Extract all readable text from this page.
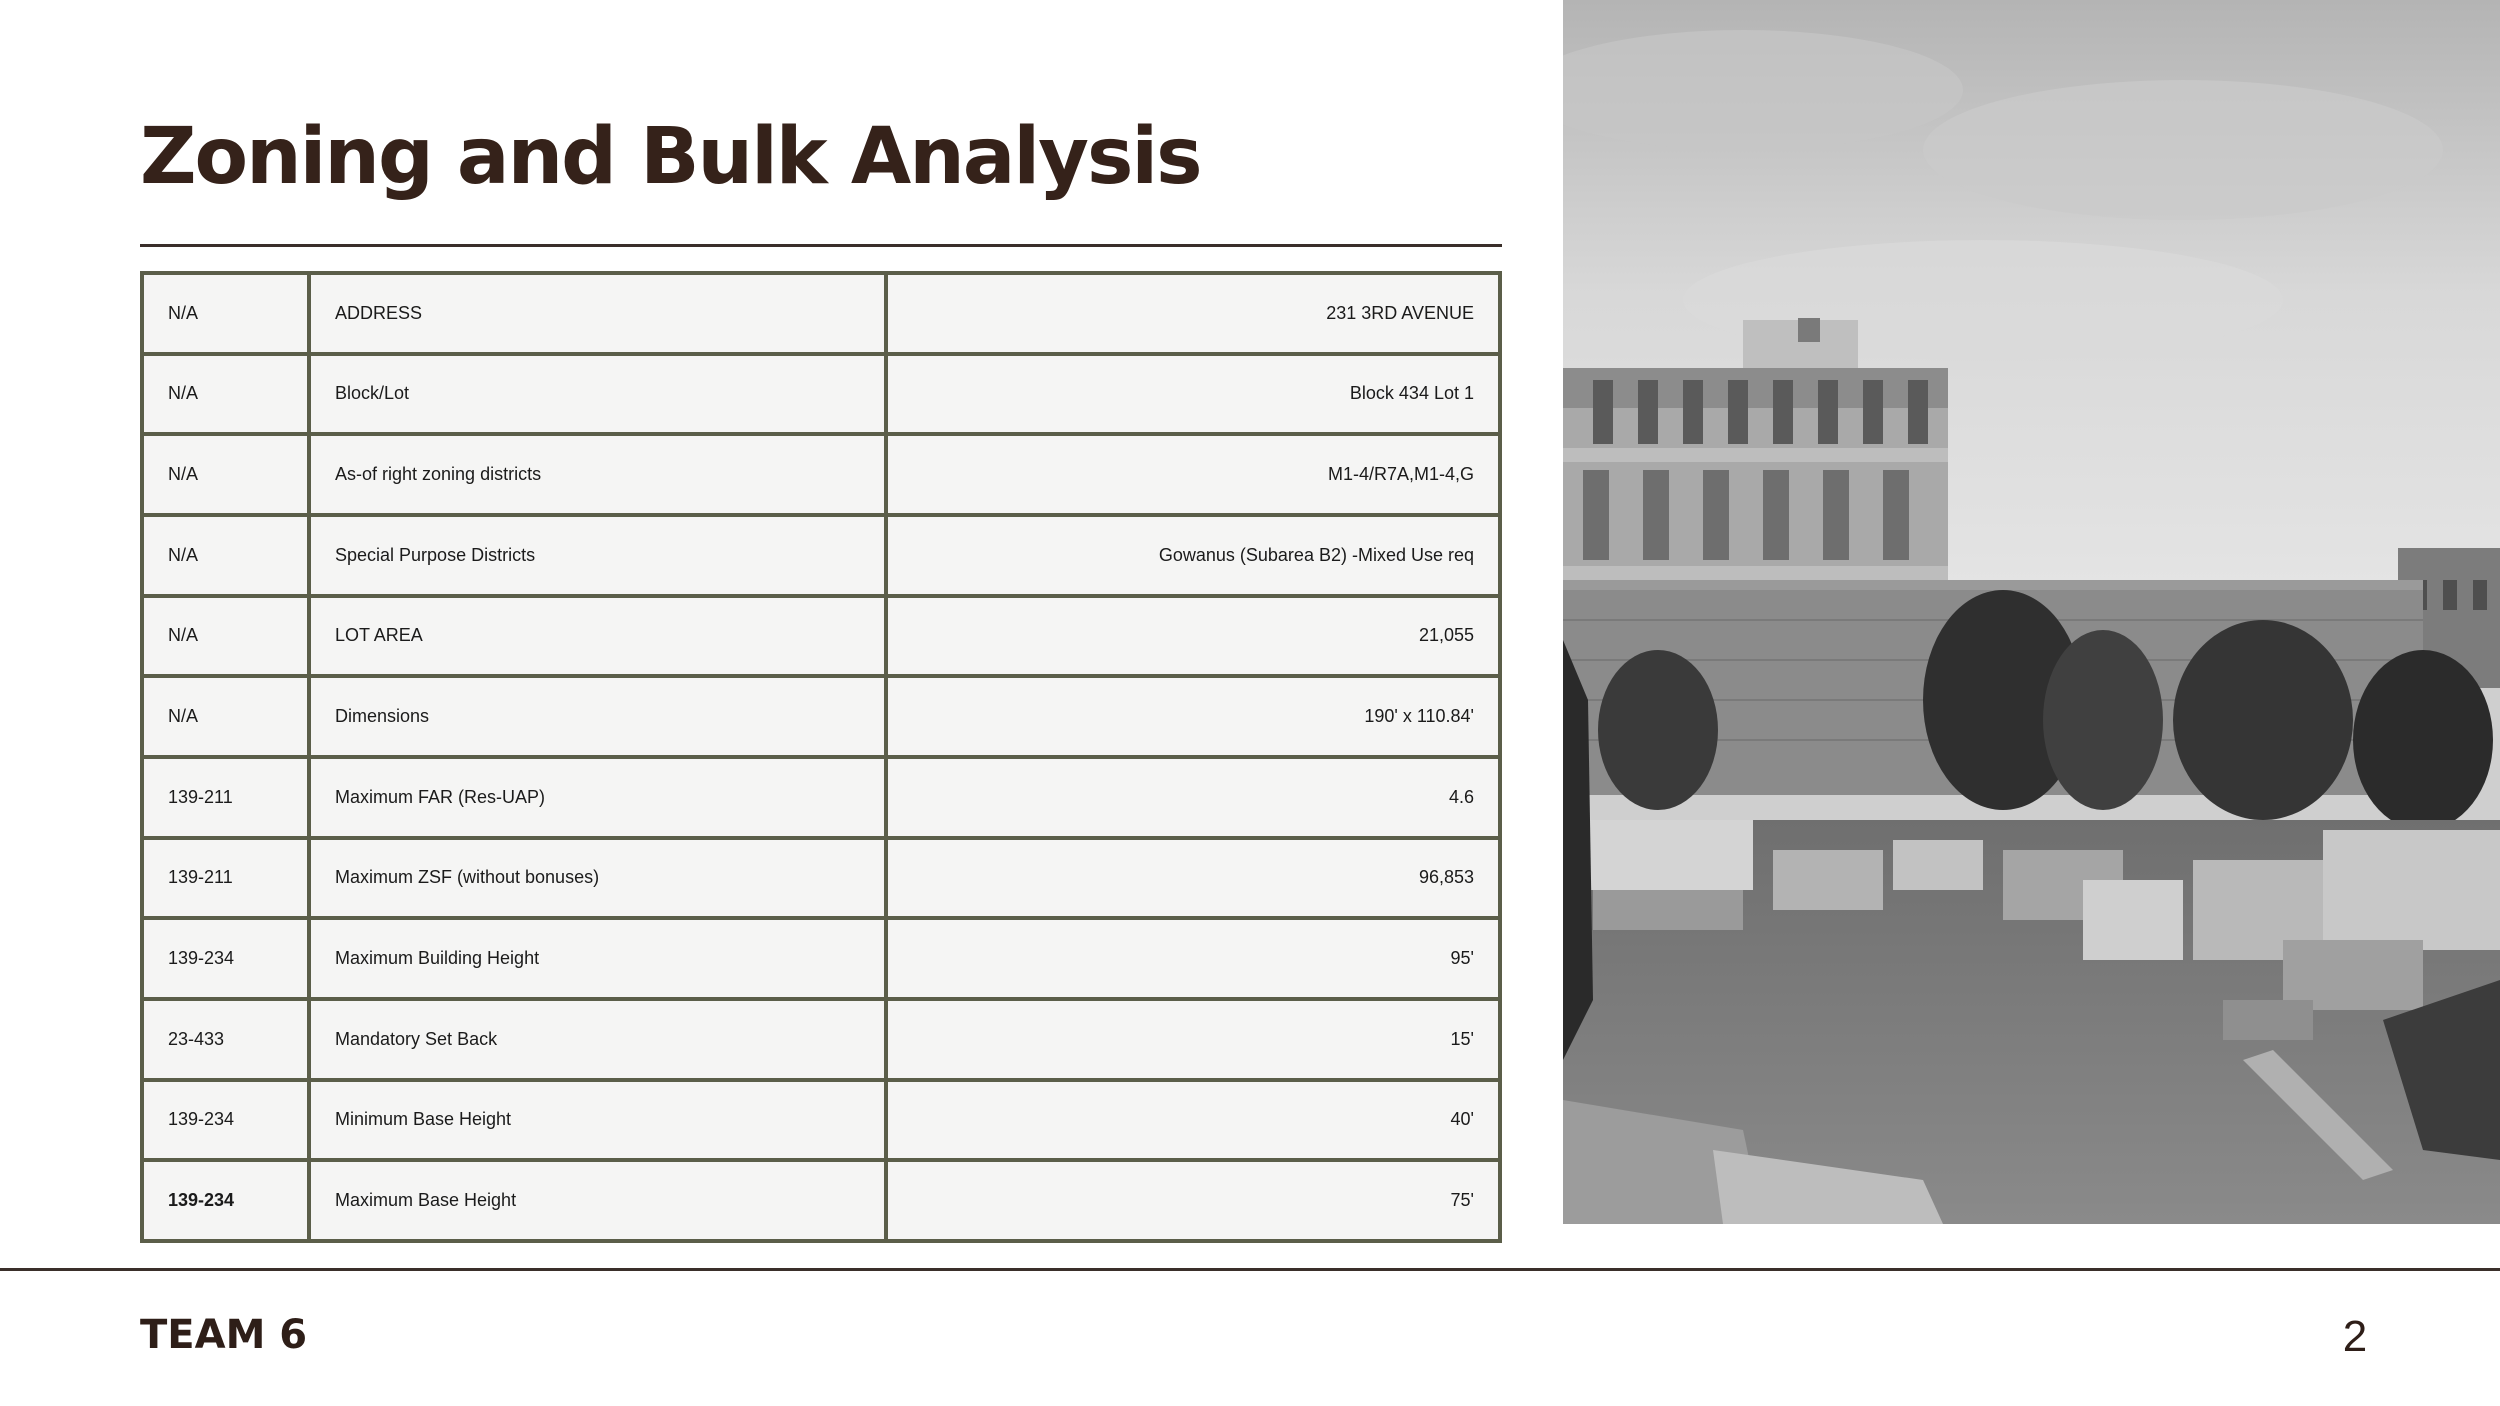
Zoning and Bulk Analysis
N/A	ADDRESS	231 3RD AVENUE
N/A	Block/Lot	Block 434 Lot 1
N/A	As-of right zoning districts	M1-4/R7A,M1-4,G
N/A	Special Purpose Districts	Gowanus (Subarea B2) -Mixed Use req
N/A	LOT AREA	21,055
N/A	Dimensions	190' x 110.84'
139-211	Maximum FAR (Res-UAP)	4.6
139-211	Maximum ZSF (without bonuses)	96,853
139-234	Maximum Building Height	95'
23-433	Mandatory Set Back	15'
139-234	Minimum Base Height	40'
139-234	Maximum Base Height	75'
TEAM 6	2
